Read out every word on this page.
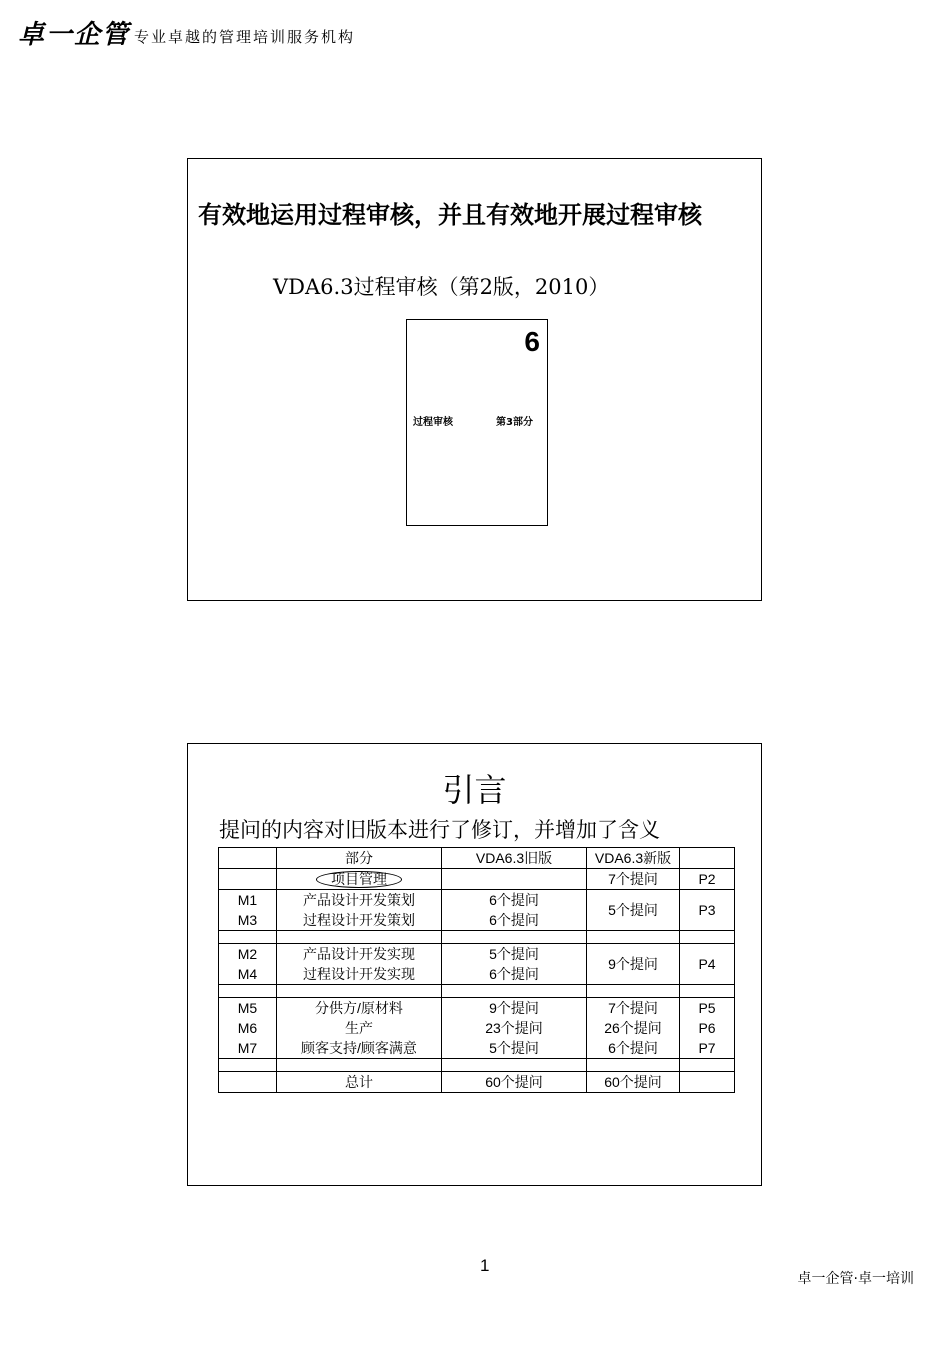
卓一企管 专业卓越的管理培训服务机构
有效地运用过程审核，并且有效地开展过程审核
VDA6.3过程审核（第2版，2010）
6
过程审核	第3部分
引言
提问的内容对旧版本进行了修订，并增加了含义
	部分	VDA6.3旧版	VDA6.3新版	
	项目管理		7个提问	P2
M1	产品设计开发策划	6个提问	5个提问	P3
M3	过程设计开发策划	6个提问		

M2	产品设计开发实现	5个提问	9个提问	P4
M4	过程设计开发实现	6个提问		

M5	分供方/原材料	9个提问	7个提问	P5
M6	生产	23个提问	26个提问	P6
M7	顾客支持/顾客满意	5个提问	6个提问	P7

	总计	60个提问	60个提问	
1
卓一企管·卓一培训
